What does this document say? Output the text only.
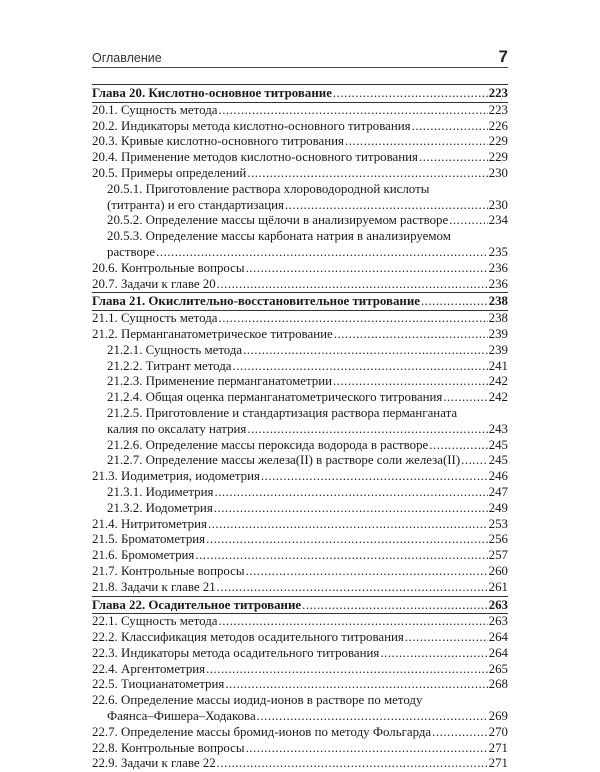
Оглавление	7
Глава 20. Кислотно-основное титрование .....	223
20.1. Сущность метода .....	223
20.2. Индикаторы метода кислотно-основного титрования .....	226
20.3. Кривые кислотно-основного титрования .....	229
20.4. Применение методов кислотно-основного титрования .....	229
20.5. Примеры определений .....	230
20.5.1. Приготовление раствора хлороводородной кислоты
(титранта) и его стандартизация .....	230
20.5.2. Определение массы щёлочи в анализируемом растворе .....	234
20.5.3. Определение массы карбоната натрия в анализируемом
растворе .....	235
20.6. Контрольные вопросы .....	236
20.7. Задачи к главе 20 .....	236
Глава 21. Окислительно-восстановительное титрование .....	238
21.1. Сущность метода .....	238
21.2. Перманганатометрическое титрование .....	239
21.2.1. Сущность метода .....	239
21.2.2. Титрант метода .....	241
21.2.3. Применение перманганатометрии .....	242
21.2.4. Общая оценка перманганатометрического титрования .....	242
21.2.5. Приготовление и стандартизация раствора перманганата
калия по оксалату натрия .....	243
21.2.6. Определение массы пероксида водорода в растворе .....	245
21.2.7. Определение массы железа(II) в растворе соли железа(II) ..... 245
21.3. Иодиметрия, иодометрия .....	246
21.3.1. Иодиметрия .....	247
21.3.2. Иодометрия .....	249
21.4. Нитритометрия .....	253
21.5. Броматометрия .....	256
21.6. Бромометрия .....	257
21.7. Контрольные вопросы .....	260
21.8. Задачи к главе 21 .....	261
Глава 22. Осадительное титрование .....	263
22.1. Сущность метода .....	263
22.2. Классификация методов осадительного титрования .....	264
22.3. Индикаторы метода осадительного титрования .....	264
22.4. Аргентометрия .....	265
22.5. Тиоцианатометрия .....	268
22.6. Определение массы иодид-ионов в растворе по методу
Фаянса–Фишера–Ходакова .....	269
22.7. Определение массы бромид-ионов по методу Фольгарда .....	270
22.8. Контрольные вопросы .....	271
22.9. Задачи к главе 22 .....	271
